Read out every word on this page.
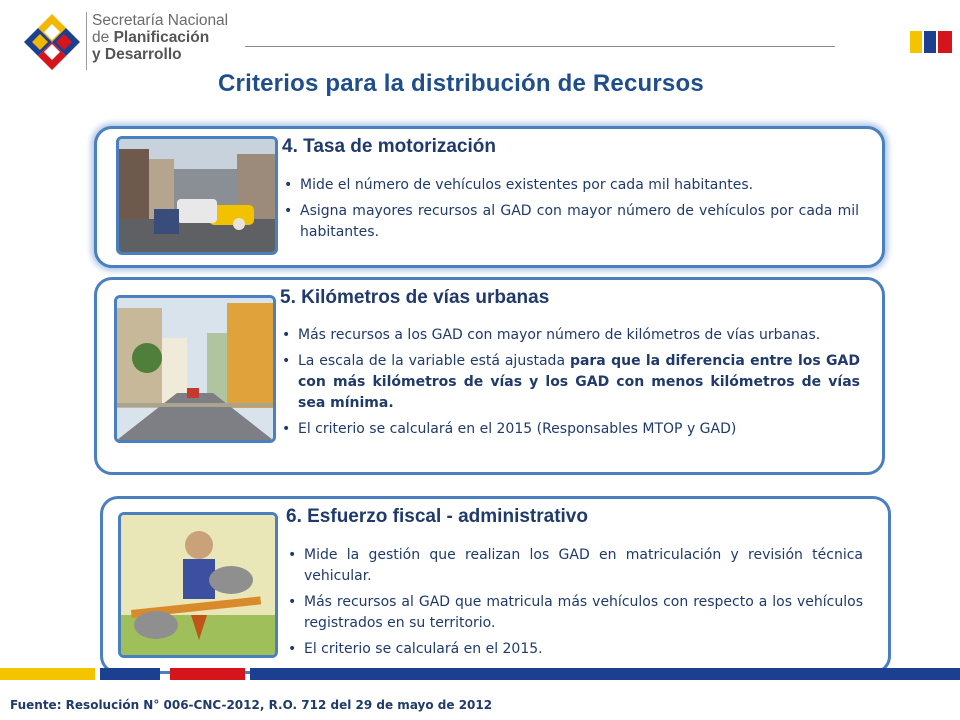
Secretaría Nacional
de Planificación
y Desarrollo
Criterios para la distribución de Recursos
4. Tasa de motorización
• Mide el número de vehículos existentes por cada mil habitantes.
• Asigna mayores recursos al GAD con mayor número de vehículos por cada mil habitantes.
5. Kilómetros de vías urbanas
• Más recursos a los GAD con mayor número de kilómetros de vías urbanas.
• La escala de la variable está ajustada para que la diferencia entre los GAD con más kilómetros de vías y los GAD con menos kilómetros de vías sea mínima.
• El criterio se calculará en el 2015 (Responsables MTOP y GAD)
6. Esfuerzo fiscal - administrativo
• Mide la gestión que realizan los GAD en matriculación y revisión técnica vehicular.
• Más recursos al GAD que matricula más vehículos con respecto a los vehículos registrados en su territorio.
• El criterio se calculará en el 2015.
Fuente: Resolución N° 006-CNC-2012, R.O. 712 del 29 de mayo de 2012
